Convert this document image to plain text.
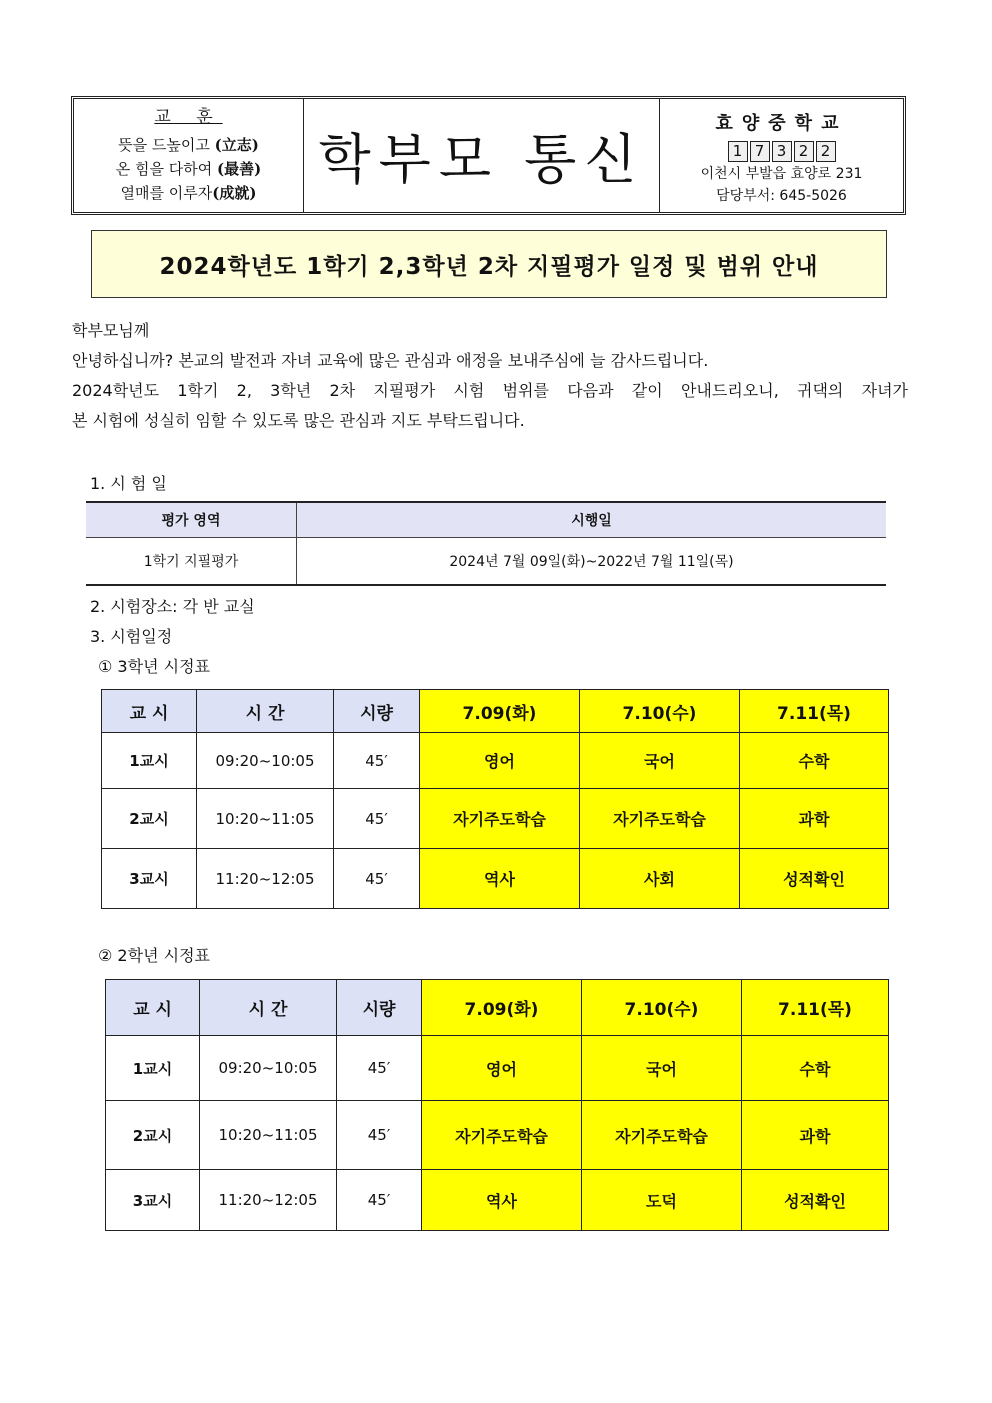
교 훈
뜻을 드높이고 (立志)
온 힘을 다하여 (最善)
열매를 이루자(成就)
학부모 통신
효양중학교
1 7 3 2 2
이천시 부발읍 효양로 231
담당부서: 645-5026
2024학년도 1학기 2,3학년 2차 지필평가 일정 및 범위 안내

학부모님께

안녕하십니까? 본교의 발전과 자녀 교육에 많은 관심과 애정을 보내주심에 늘 감사드립니다.

2024학년도 1학기 2, 3학년 2차 지필평가 시험 범위를 다음과 같이 안내드리오니, 귀댁의 자녀가

본 시험에 성실히 임할 수 있도록 많은 관심과 지도 부탁드립니다.

1. 시 험 일
평가 영역	시행일
1학기 지필평가	2024년 7월 09일(화)~2022년 7월 11일(목)
2. 시험장소: 각 반 교실
3. 시험일정
① 3학년 시정표
교 시	시 간	시량	7.09(화)	7.10(수)	7.11(목)
1교시	09:20~10:05	45′	영어	국어	수학
2교시	10:20~11:05	45′	자기주도학습	자기주도학습	과학
3교시	11:20~12:05	45′	역사	사회	성적확인
② 2학년 시정표
교 시	시 간	시량	7.09(화)	7.10(수)	7.11(목)
1교시	09:20~10:05	45′	영어	국어	수학
2교시	10:20~11:05	45′	자기주도학습	자기주도학습	과학
3교시	11:20~12:05	45′	역사	도덕	성적확인
